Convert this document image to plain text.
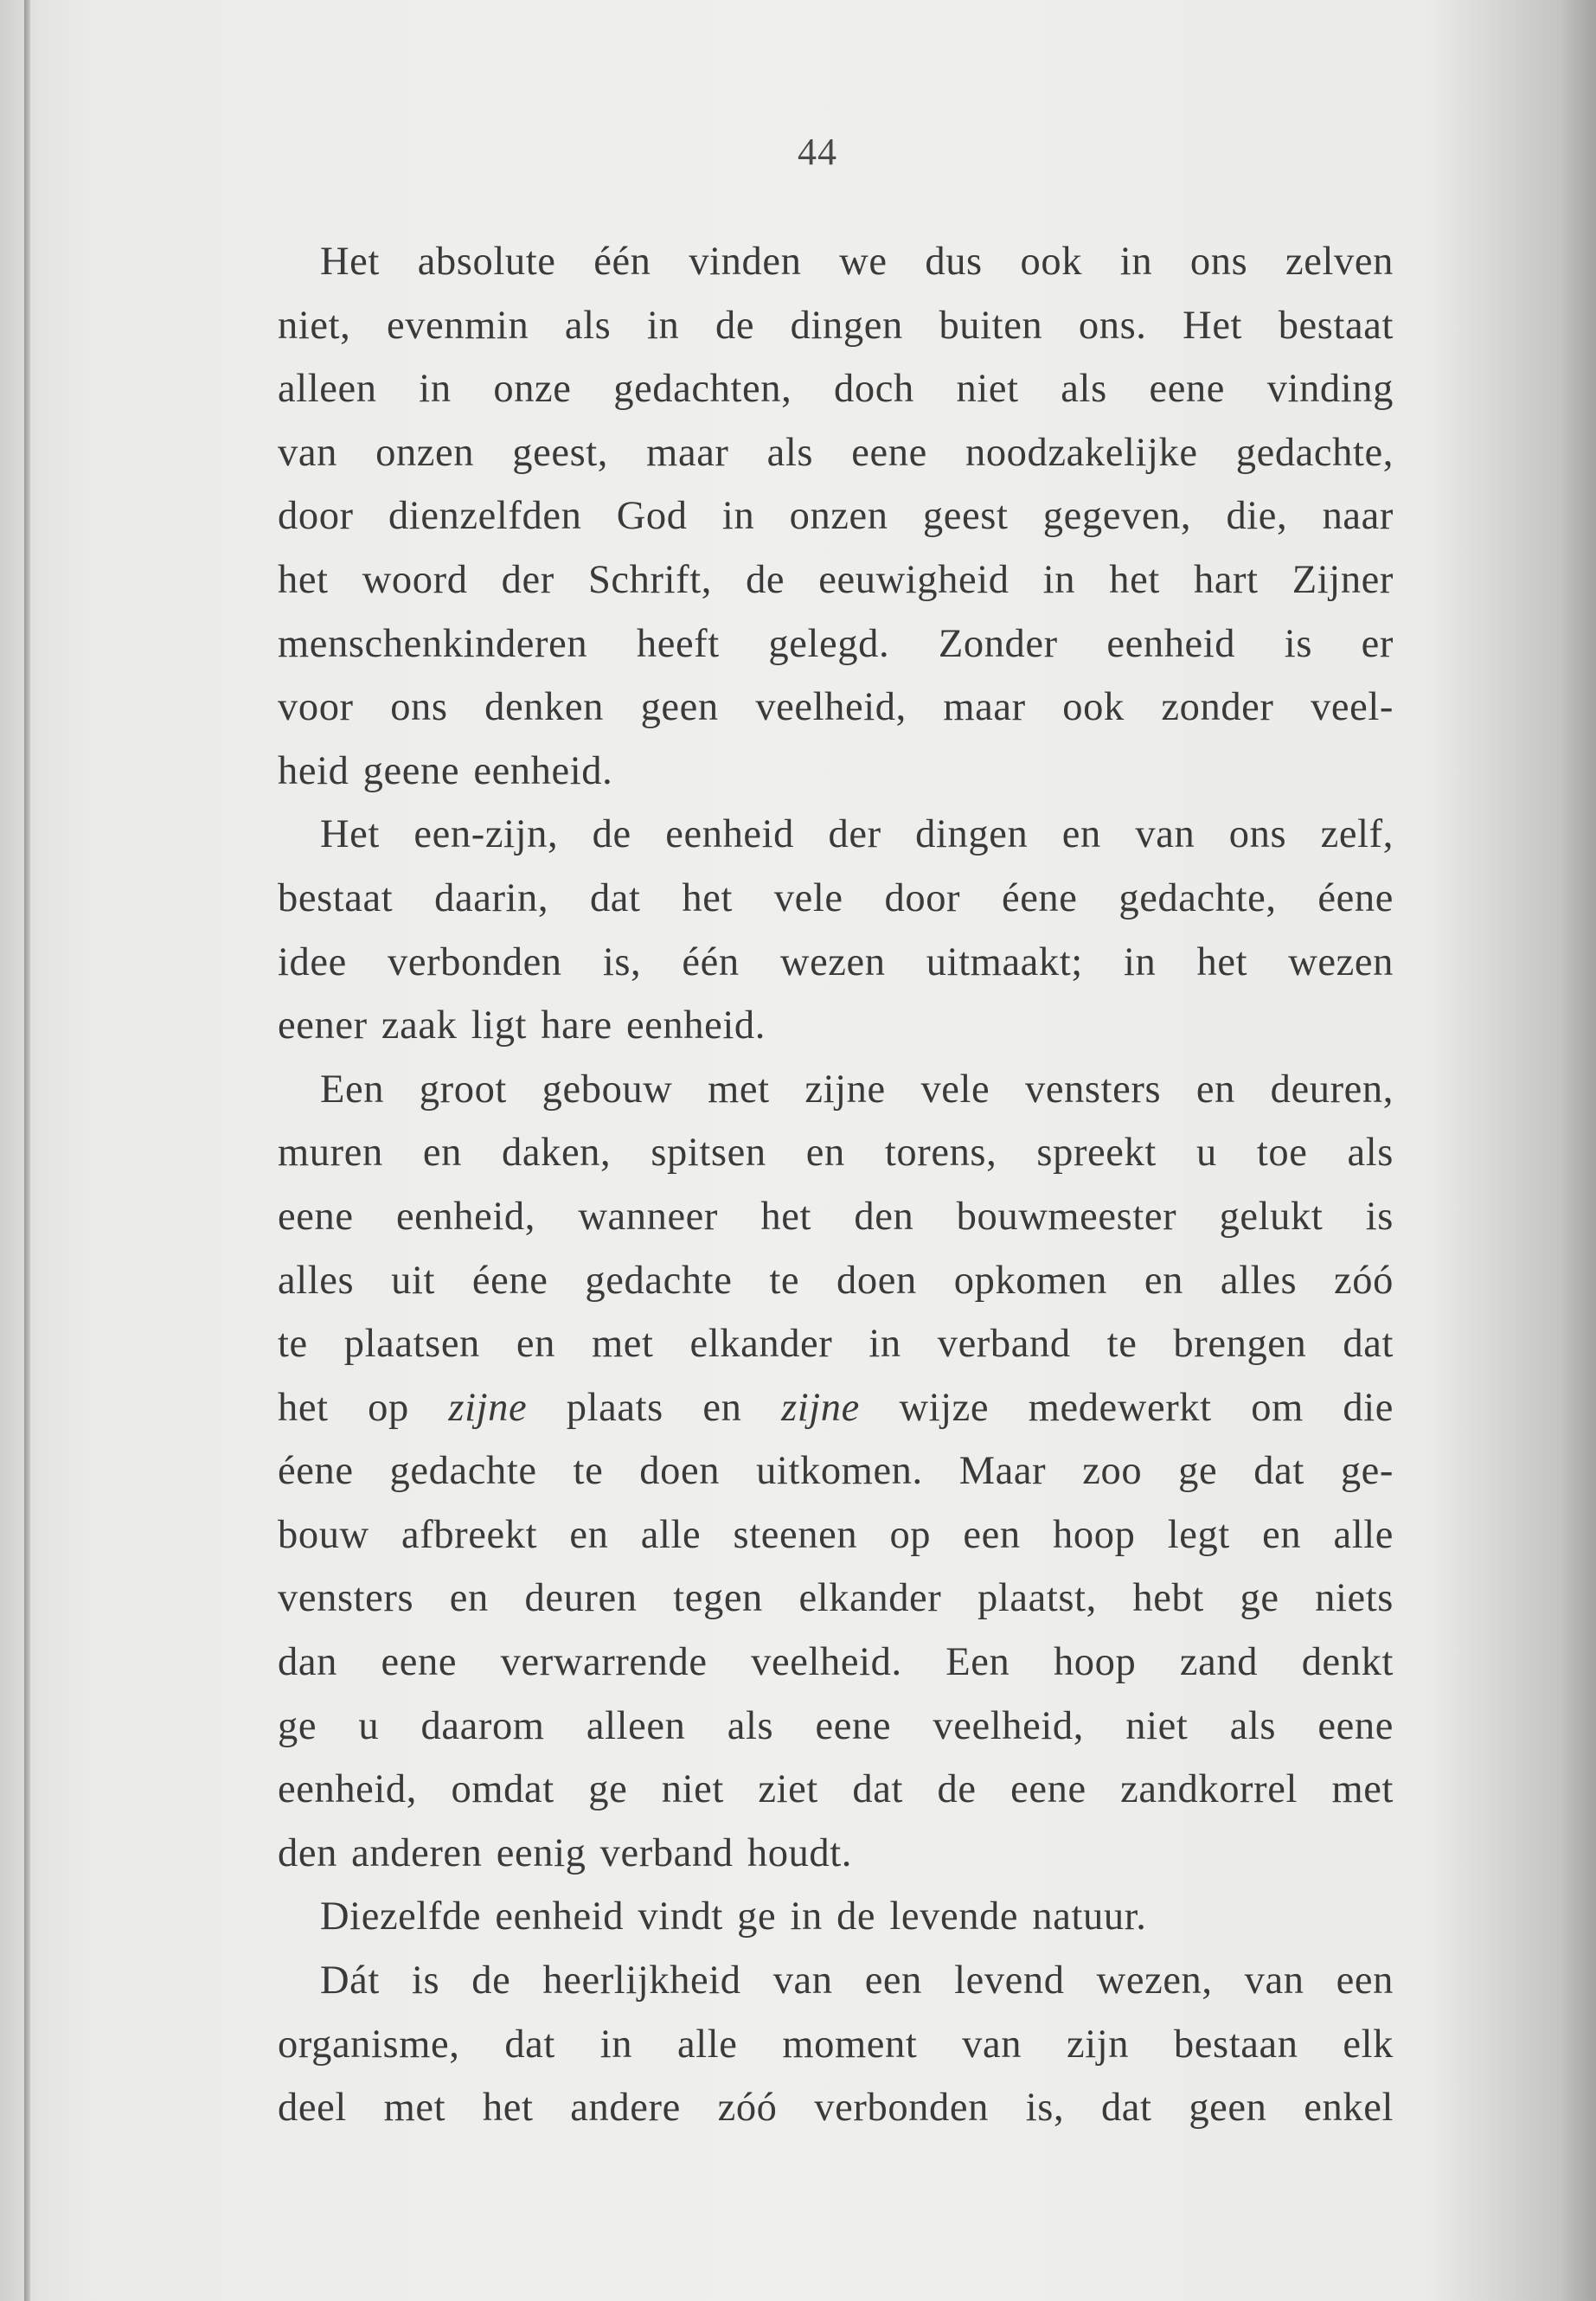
44
Het absolute één vinden we dus ook in ons zelven
niet, evenmin als in de dingen buiten ons. Het bestaat
alleen in onze gedachten, doch niet als eene vinding
van onzen geest, maar als eene noodzakelijke gedachte,
door dienzelfden God in onzen geest gegeven, die, naar
het woord der Schrift, de eeuwigheid in het hart Zijner
menschenkinderen heeft gelegd. Zonder eenheid is er
voor ons denken geen veelheid, maar ook zonder veel-
heid geene eenheid.
Het een-zijn, de eenheid der dingen en van ons zelf,
bestaat daarin, dat het vele door éene gedachte, éene
idee verbonden is, één wezen uitmaakt; in het wezen
eener zaak ligt hare eenheid.
Een groot gebouw met zijne vele vensters en deuren,
muren en daken, spitsen en torens, spreekt u toe als
eene eenheid, wanneer het den bouwmeester gelukt is
alles uit éene gedachte te doen opkomen en alles zóó
te plaatsen en met elkander in verband te brengen dat
het op zijne plaats en zijne wijze medewerkt om die
éene gedachte te doen uitkomen. Maar zoo ge dat ge-
bouw afbreekt en alle steenen op een hoop legt en alle
vensters en deuren tegen elkander plaatst, hebt ge niets
dan eene verwarrende veelheid. Een hoop zand denkt
ge u daarom alleen als eene veelheid, niet als eene
eenheid, omdat ge niet ziet dat de eene zandkorrel met
den anderen eenig verband houdt.
Diezelfde eenheid vindt ge in de levende natuur.
Dát is de heerlijkheid van een levend wezen, van een
organisme, dat in alle moment van zijn bestaan elk
deel met het andere zóó verbonden is, dat geen enkel
